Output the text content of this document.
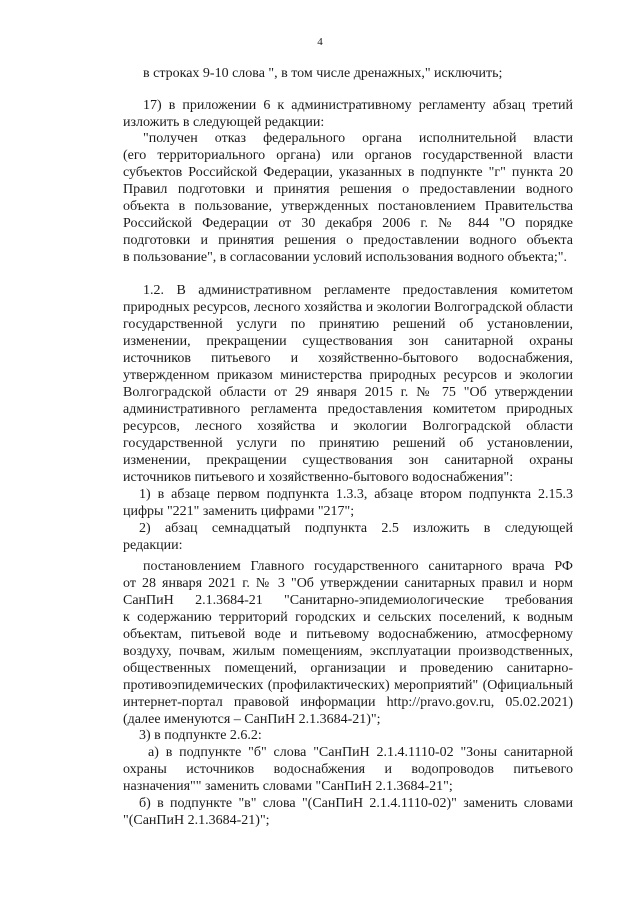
4
в строках 9-10 слова ", в том числе дренажных," исключить;
17) в приложении 6 к административному регламенту абзац третий
изложить в следующей редакции:
"получен отказ федерального органа исполнительной власти
(его территориального органа) или органов государственной власти
субъектов Российской Федерации, указанных в подпункте "г" пункта 20
Правил подготовки и принятия решения о предоставлении водного
объекта в пользование, утвержденных постановлением Правительства
Российской Федерации от 30 декабря 2006 г. № 844 "О порядке
подготовки и принятия решения о предоставлении водного объекта
в пользование", в согласовании условий использования водного объекта;".
1.2. В административном регламенте предоставления комитетом
природных ресурсов, лесного хозяйства и экологии Волгоградской области
государственной услуги по принятию решений об установлении,
изменении, прекращении существования зон санитарной охраны
источников питьевого и хозяйственно-бытового водоснабжения,
утвержденном приказом министерства природных ресурсов и экологии
Волгоградской области от 29 января 2015 г. № 75 "Об утверждении
административного регламента предоставления комитетом природных
ресурсов, лесного хозяйства и экологии Волгоградской области
государственной услуги по принятию решений об установлении,
изменении, прекращении существования зон санитарной охраны
источников питьевого и хозяйственно-бытового водоснабжения":
1) в абзаце первом подпункта 1.3.3, абзаце втором подпункта 2.15.3
цифры "221" заменить цифрами "217";
2) абзац семнадцатый подпункта 2.5 изложить в следующей
редакции:
постановлением Главного государственного санитарного врача РФ
от 28 января 2021 г. № 3 "Об утверждении санитарных правил и норм
СанПиН 2.1.3684-21 "Санитарно-эпидемиологические требования
к содержанию территорий городских и сельских поселений, к водным
объектам, питьевой воде и питьевому водоснабжению, атмосферному
воздуху, почвам, жилым помещениям, эксплуатации производственных,
общественных помещений, организации и проведению санитарно-
противоэпидемических (профилактических) мероприятий" (Официальный
интернет-портал правовой информации http://pravo.gov.ru, 05.02.2021)
(далее именуются – СанПиН 2.1.3684-21)";
3) в подпункте 2.6.2:
а) в подпункте "б" слова "СанПиН 2.1.4.1110-02 "Зоны санитарной
охраны источников водоснабжения и водопроводов питьевого
назначения"" заменить словами "СанПиН 2.1.3684-21";
б) в подпункте "в" слова "(СанПиН 2.1.4.1110-02)" заменить словами
"(СанПиН 2.1.3684-21)";
